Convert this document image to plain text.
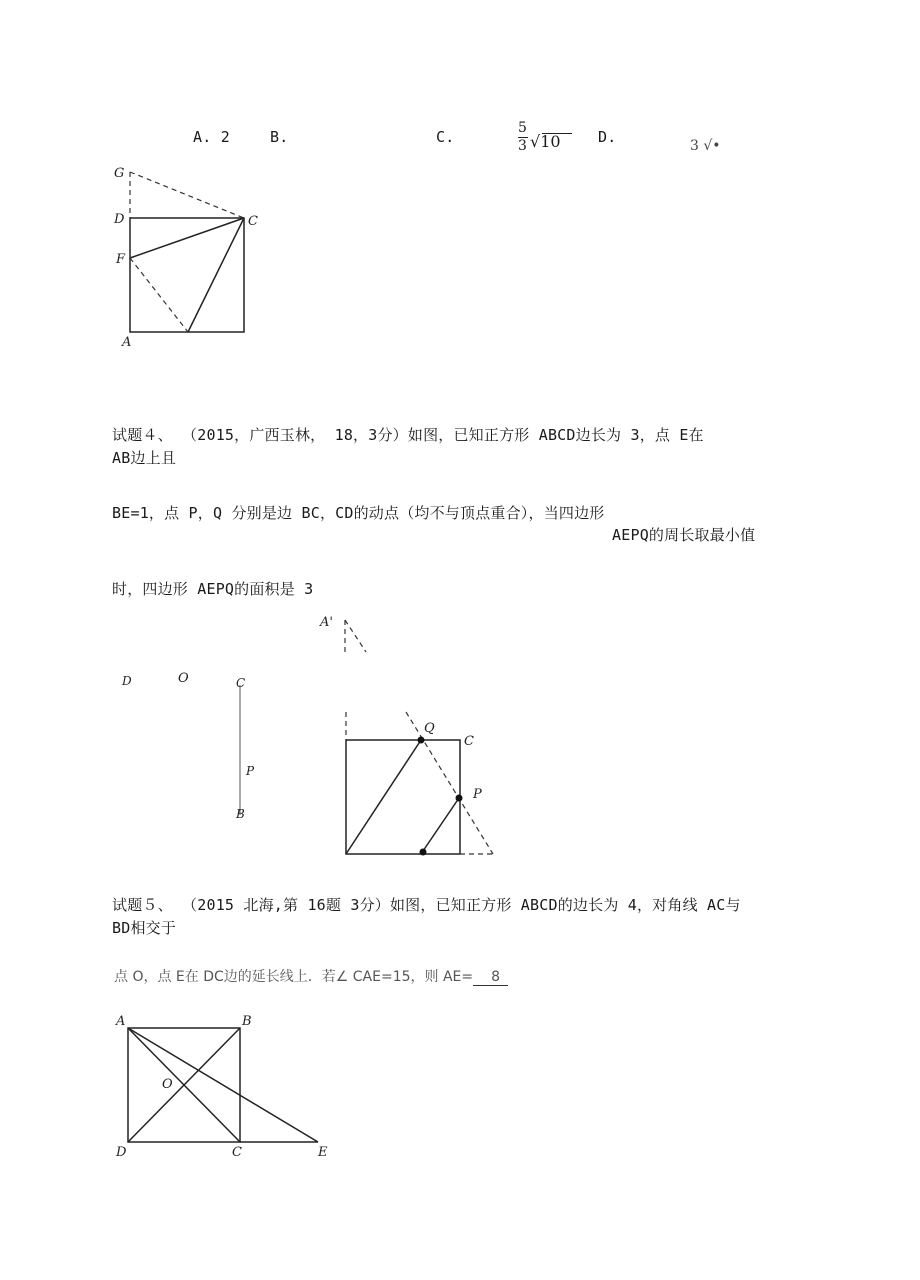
A. 2	B.	C.	5
3 √
10 D.	3 √•
G
D	C
F
A
试题４、 （2015，广西玉林， 18，3分）如图，已知正方形 ABCD边长为 3，点 E在
AB边上且
BE=1，点 P，Q 分别是边 BC，CD的动点（均不与顶点重合），当四边形
AEPQ的周长取最小值
时，四边形 AEPQ的面积是 3
D	O	C
P
B
A'
Q
C
P
试题５、 （2015 北海,第 16题 3分）如图，已知正方形 ABCD的边长为 4，对角线 AC与
BD相交于
点 O，点 E在 DC边的延长线上．若∠ CAE=15，则 AE= 8
A	B
O
D	C	E
